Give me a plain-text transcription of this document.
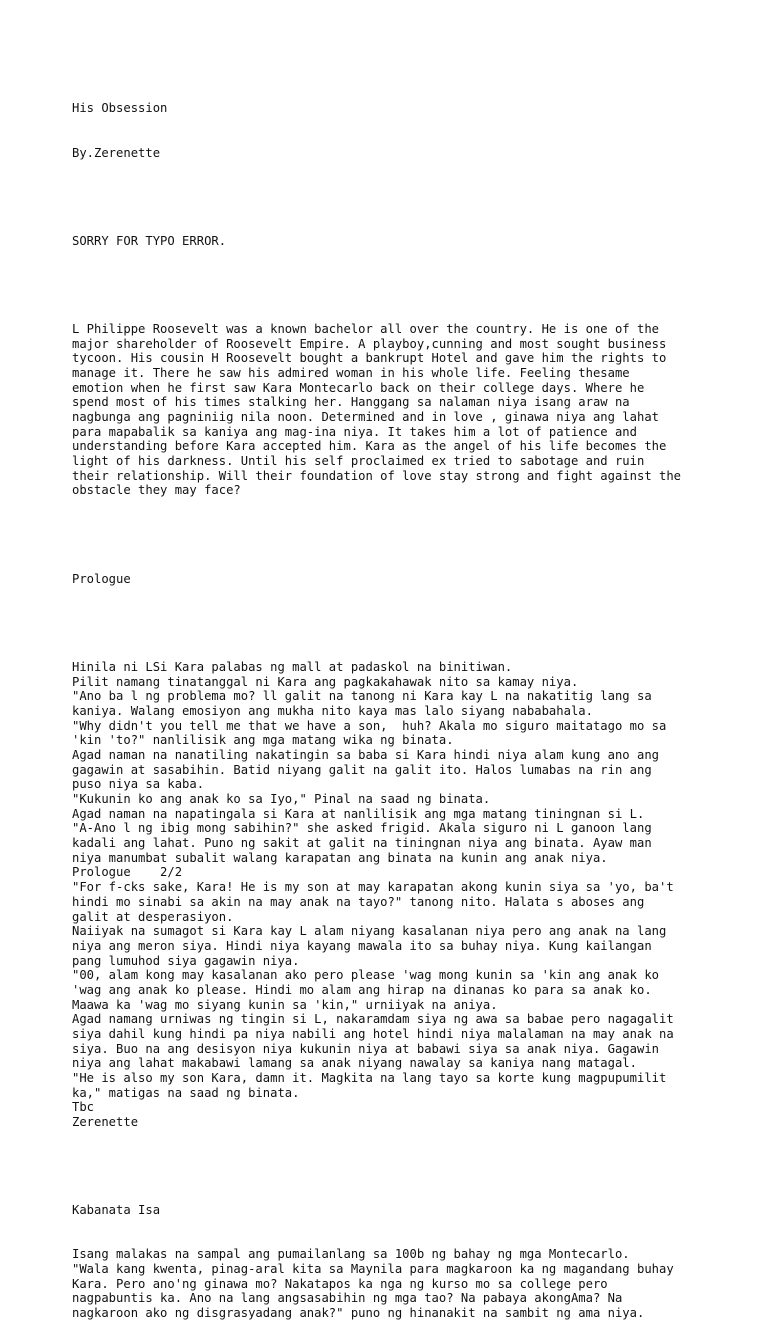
His Obsession

By.Zerenette

SORRY FOR TYPO ERROR.

L Philippe Roosevelt was a known bachelor all over the country. He is one of the
major shareholder of Roosevelt Empire. A playboy,cunning and most sought business
tycoon. His cousin H Roosevelt bought a bankrupt Hotel and gave him the rights to
manage it. There he saw his admired woman in his whole life. Feeling thesame
emotion when he first saw Kara Montecarlo back on their college days. Where he
spend most of his times stalking her. Hanggang sa nalaman niya isang araw na
nagbunga ang pagniniig nila noon. Determined and in love , ginawa niya ang lahat
para mapabalik sa kaniya ang mag-ina niya. It takes him a lot of patience and
understanding before Kara accepted him. Kara as the angel of his life becomes the
light of his darkness. Until his self proclaimed ex tried to sabotage and ruin
their relationship. Will their foundation of love stay strong and fight against the
obstacle they may face?

Prologue

Hinila ni LSi Kara palabas ng mall at padaskol na binitiwan.
Pilit namang tinatanggal ni Kara ang pagkakahawak nito sa kamay niya.
"Ano ba l ng problema mo? ll galit na tanong ni Kara kay L na nakatitig lang sa
kaniya. Walang emosiyon ang mukha nito kaya mas lalo siyang nababahala.
"Why didn't you tell me that we have a son,  huh? Akala mo siguro maitatago mo sa
'kin 'to?" nanlilisik ang mga matang wika ng binata.
Agad naman na nanatiling nakatingin sa baba si Kara hindi niya alam kung ano ang
gagawin at sasabihin. Batid niyang galit na galit ito. Halos lumabas na rin ang
puso niya sa kaba.
"Kukunin ko ang anak ko sa Iyo," Pinal na saad ng binata.
Agad naman na napatingala si Kara at nanlilisik ang mga matang tiningnan si L.
"A-Ano l ng ibig mong sabihin?" she asked frigid. Akala siguro ni L ganoon lang
kadali ang lahat. Puno ng sakit at galit na tiningnan niya ang binata. Ayaw man
niya manumbat subalit walang karapatan ang binata na kunin ang anak niya.
Prologue    2/2
"For f-cks sake, Kara! He is my son at may karapatan akong kunin siya sa 'yo, ba't
hindi mo sinabi sa akin na may anak na tayo?" tanong nito. Halata s aboses ang
galit at desperasiyon.
Naiiyak na sumagot si Kara kay L alam niyang kasalanan niya pero ang anak na lang
niya ang meron siya. Hindi niya kayang mawala ito sa buhay niya. Kung kailangan
pang lumuhod siya gagawin niya.
"00, alam kong may kasalanan ako pero please 'wag mong kunin sa 'kin ang anak ko
'wag ang anak ko please. Hindi mo alam ang hirap na dinanas ko para sa anak ko.
Maawa ka 'wag mo siyang kunin sa 'kin," urniiyak na aniya.
Agad namang urniwas ng tingin si L, nakaramdam siya ng awa sa babae pero nagagalit
siya dahil kung hindi pa niya nabili ang hotel hindi niya malalaman na may anak na
siya. Buo na ang desisyon niya kukunin niya at babawi siya sa anak niya. Gagawin
niya ang lahat makabawi lamang sa anak niyang nawalay sa kaniya nang matagal.
"He is also my son Kara, damn it. Magkita na lang tayo sa korte kung magpupumilit
ka," matigas na saad ng binata.
Tbc
Zerenette

Kabanata Isa

Isang malakas na sampal ang pumailanlang sa 100b ng bahay ng mga Montecarlo.
"Wala kang kwenta, pinag-aral kita sa Maynila para magkaroon ka ng magandang buhay
Kara. Pero ano'ng ginawa mo? Nakatapos ka nga ng kurso mo sa college pero
nagpabuntis ka. Ano na lang angsasabihin ng mga tao? Na pabaya akongAma? Na
nagkaroon ako ng disgrasyadang anak?" puno ng hinanakit na sambit ng ama niya.
